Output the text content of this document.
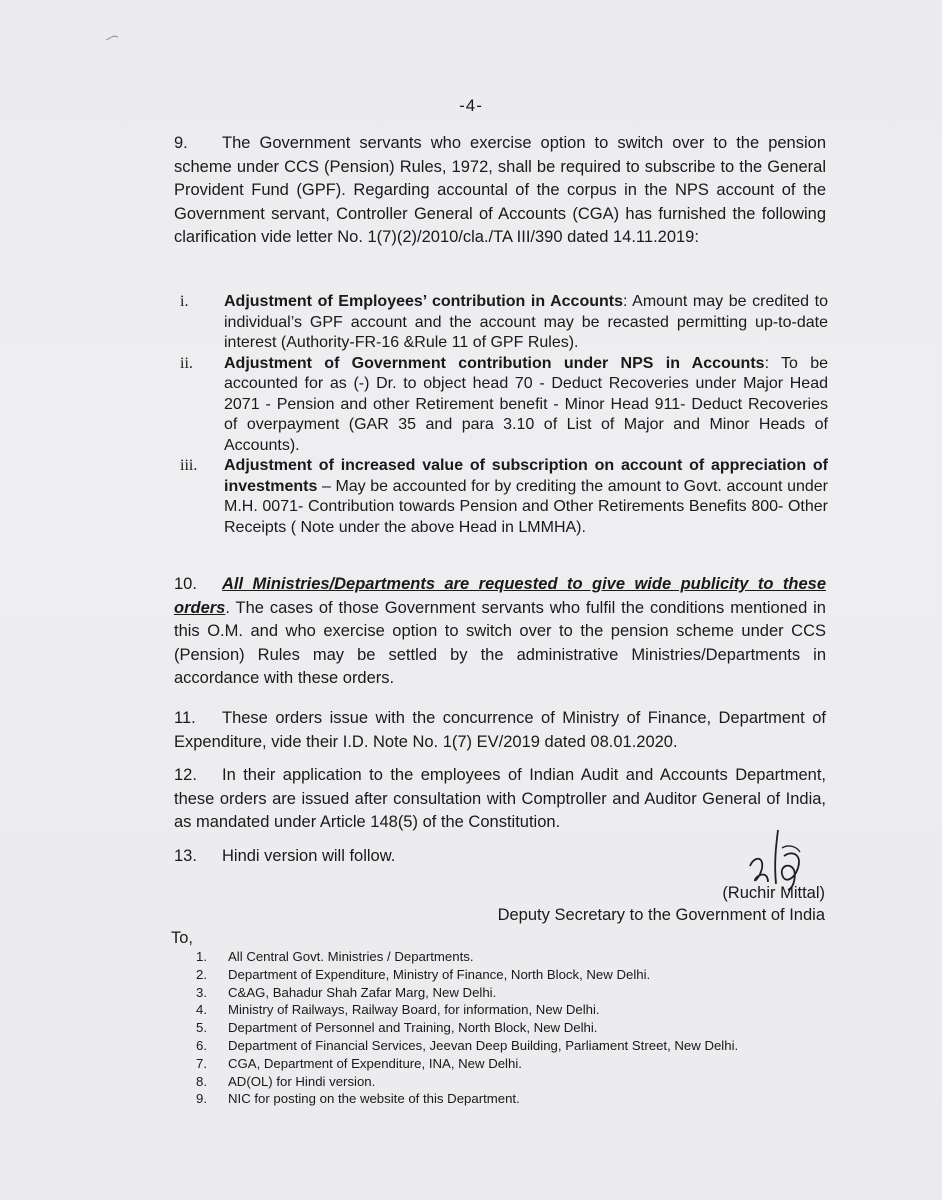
-4-
9. The Government servants who exercise option to switch over to the pension scheme under CCS (Pension) Rules, 1972, shall be required to subscribe to the General Provident Fund (GPF). Regarding accountal of the corpus in the NPS account of the Government servant, Controller General of Accounts (CGA) has furnished the following clarification vide letter No. 1(7)(2)/2010/cla./TA III/390 dated 14.11.2019:
i. Adjustment of Employees’ contribution in Accounts: Amount may be credited to individual’s GPF account and the account may be recasted permitting up-to-date interest (Authority-FR-16 &Rule 11 of GPF Rules).
ii. Adjustment of Government contribution under NPS in Accounts: To be accounted for as (-) Dr. to object head 70 - Deduct Recoveries under Major Head 2071 - Pension and other Retirement benefit - Minor Head 911- Deduct Recoveries of overpayment (GAR 35 and para 3.10 of List of Major and Minor Heads of Accounts).
iii. Adjustment of increased value of subscription on account of appreciation of investments – May be accounted for by crediting the amount to Govt. account under M.H. 0071- Contribution towards Pension and Other Retirements Benefits 800- Other Receipts ( Note under the above Head in LMMHA).
10. All Ministries/Departments are requested to give wide publicity to these orders. The cases of those Government servants who fulfil the conditions mentioned in this O.M. and who exercise option to switch over to the pension scheme under CCS (Pension) Rules may be settled by the administrative Ministries/Departments in accordance with these orders.
11. These orders issue with the concurrence of Ministry of Finance, Department of Expenditure, vide their I.D. Note No. 1(7) EV/2019 dated 08.01.2020.
12. In their application to the employees of Indian Audit and Accounts Department, these orders are issued after consultation with Comptroller and Auditor General of India, as mandated under Article 148(5) of the Constitution.
13. Hindi version will follow.
(Ruchir Mittal)
Deputy Secretary to the Government of India
To,
1.	All Central Govt. Ministries / Departments.
2.	Department of Expenditure, Ministry of Finance, North Block, New Delhi.
3.	C&AG, Bahadur Shah Zafar Marg, New Delhi.
4.	Ministry of Railways, Railway Board, for information, New Delhi.
5.	Department of Personnel and Training, North Block, New Delhi.
6.	Department of Financial Services, Jeevan Deep Building, Parliament Street, New Delhi.
7.	CGA, Department of Expenditure, INA, New Delhi.
8.	AD(OL) for Hindi version.
9.	NIC for posting on the website of this Department.
